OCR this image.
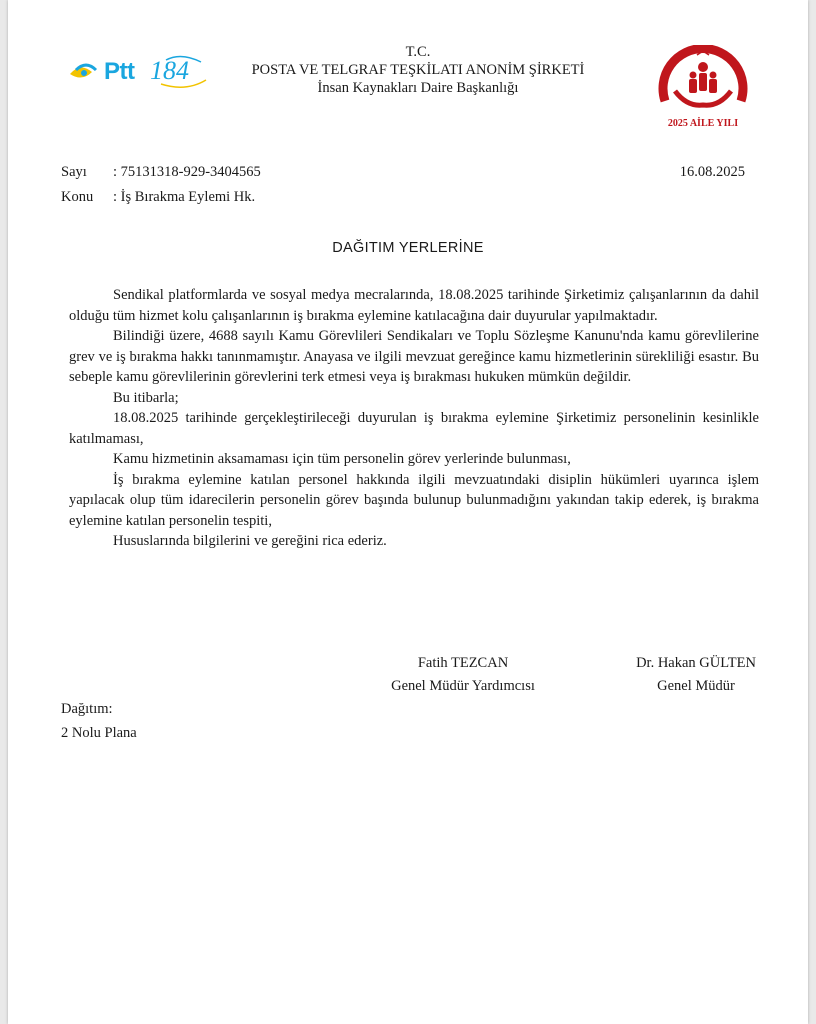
Ptt 184
T.C.
POSTA VE TELGRAF TEŞKİLATI ANONİM ŞİRKETİ
İnsan Kaynakları Daire Başkanlığı
2025 AİLE YILI
Sayı : 75131318-929-3404565	16.08.2025
Konu : İş Bırakma Eylemi Hk.
DAĞITIM YERLERİNE

Sendikal platformlarda ve sosyal medya mecralarında, 18.08.2025 tarihinde Şirketimiz çalışanlarının da dahil olduğu tüm hizmet kolu çalışanlarının iş bırakma eylemine katılacağına dair duyurular yapılmaktadır.

Bilindiği üzere, 4688 sayılı Kamu Görevlileri Sendikaları ve Toplu Sözleşme Kanunu'nda kamu görevlilerine grev ve iş bırakma hakkı tanınmamıştır. Anayasa ve ilgili mevzuat gereğince kamu hizmetlerinin sürekliliği esastır. Bu sebeple kamu görevlilerinin görevlerini terk etmesi veya iş bırakması hukuken mümkün değildir.

Bu itibarla;

18.08.2025 tarihinde gerçekleştirileceği duyurulan iş bırakma eylemine Şirketimiz personelinin kesinlikle katılmaması,

Kamu hizmetinin aksamaması için tüm personelin görev yerlerinde bulunması,

İş bırakma eylemine katılan personel hakkında ilgili mevzuatındaki disiplin hükümleri uyarınca işlem yapılacak olup tüm idarecilerin personelin görev başında bulunup bulunmadığını yakından takip ederek, iş bırakma eylemine katılan personelin tespiti,

Hususlarında bilgilerini ve gereğini rica ederiz.

Fatih TEZCAN
Genel Müdür Yardımcısı
Dr. Hakan GÜLTEN
Genel Müdür
Dağıtım:
2 Nolu Plana
